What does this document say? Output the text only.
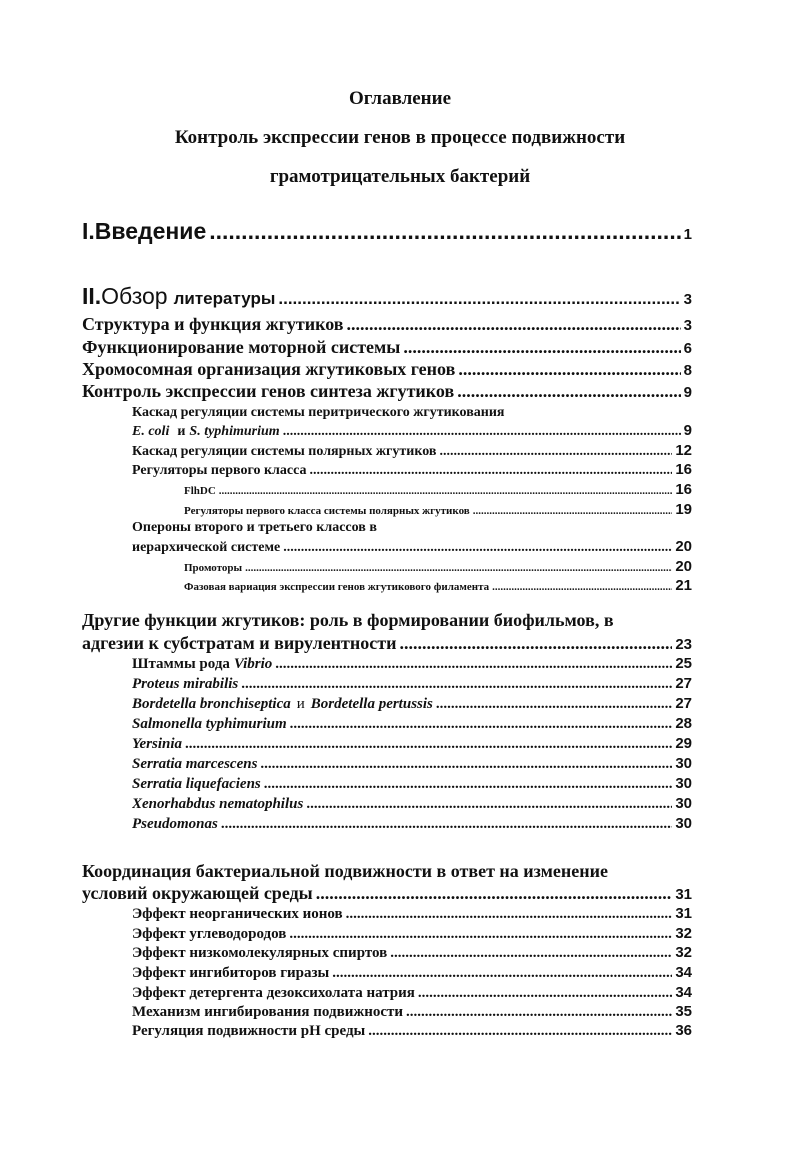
Оглавление
Контроль экспрессии генов в процессе подвижности
грамотрицательных бактерий
I. Введение .....	1
II. Обзор литературы .....	3
Структура и функция жгутиков .....	3
Функционирование моторной системы .....	6
Хромосомная организация жгутиковых генов .....	8
Контроль экспрессии генов синтеза жгутиков .....	9
Каскад регуляции системы перитрического жгутикования
E. coli и S. typhimurium .....	9
Каскад регуляции системы полярных жгутиков .....	12
Регуляторы первого класса .....	16
FlhDC .....	16
Регуляторы первого класса системы полярных жгутиков .....	19
Опероны второго и третьего классов в
иерархической системе .....	20
Промоторы .....	20
Фазовая вариация экспрессии генов жгутикового филамента .....	21
Другие функции жгутиков: роль в формировании биофильмов, в
адгезии к субстратам и вирулентности .....	23
Штаммы рода Vibrio .....	25
Proteus mirabilis .....	27
Bordetella bronchiseptica и Bordetella pertussis .....	27
Salmonella typhimurium .....	28
Yersinia .....	29
Serratia marcescens .....	30
Serratia liquefaciens .....	30
Xenorhabdus nematophilus .....	30
Pseudomonas .....	30
Координация бактериальной подвижности в ответ на изменение
условий окружающей среды .....	31
Эффект неорганических ионов .....	31
Эффект углеводородов .....	32
Эффект низкомолекулярных спиртов .....	32
Эффект ингибиторов гиразы .....	34
Эффект детергента дезоксихолата натрия .....	34
Механизм ингибирования подвижности .....	35
Регуляция подвижности pH среды .....	36
